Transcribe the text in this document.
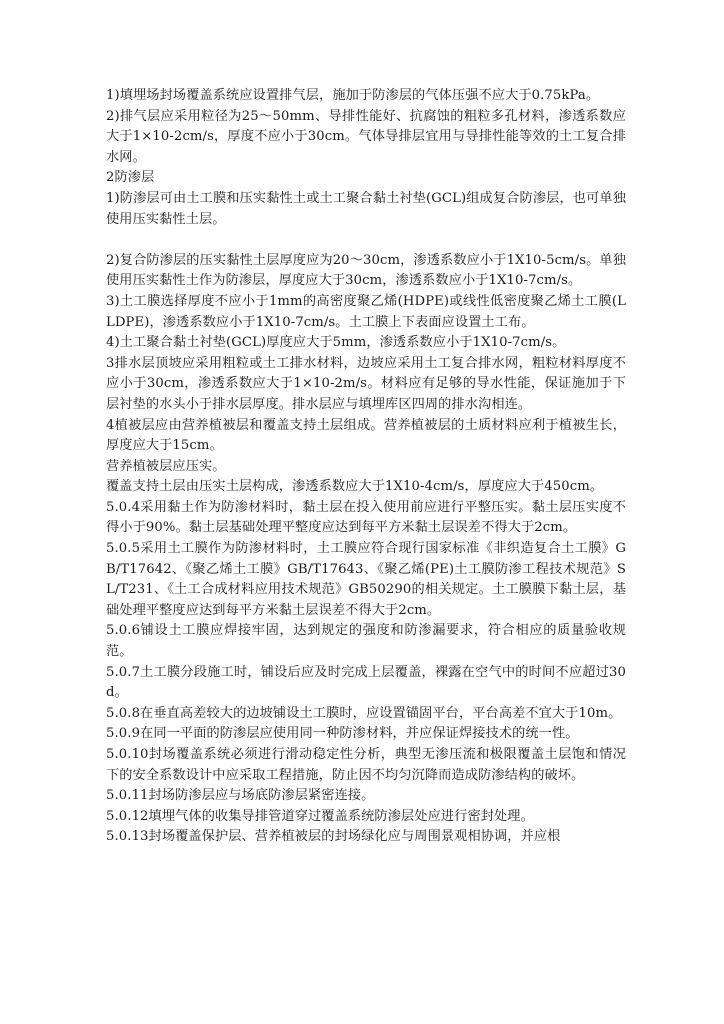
1)填埋场封场覆盖系统应设置排气层，施加于防渗层的气体压强不应大于0.75kPa。

2)排气层应采用粒径为25～50mm、导排性能好、抗腐蚀的粗粒多孔材料，渗透系数应大于1×10-2cm/s，厚度不应小于30cm。气体导排层宜用与导排性能等效的土工复合排水网。

2防渗层

1)防渗层可由土工膜和压实黏性土或土工聚合黏土衬垫(GCL)组成复合防渗层，也可单独使用压实黏性土层。

2)复合防渗层的压实黏性土层厚度应为20～30cm，渗透系数应小于1X10-5cm/s。单独使用压实黏性土作为防渗层，厚度应大于30cm，渗透系数应小于1X10-7cm/s。

3)土工膜选择厚度不应小于1mm的高密度聚乙烯(HDPE)或线性低密度聚乙烯土工膜(LLDPE)，渗透系数应小于1X10-7cm/s。土工膜上下表面应设置土工布。

4)土工聚合黏土衬垫(GCL)厚度应大于5mm，渗透系数应小于1X10-7cm/s。

3排水层顶坡应采用粗粒或土工排水材料，边坡应采用土工复合排水网，粗粒材料厚度不应小于30cm，渗透系数应大于1×10-2m/s。材料应有足够的导水性能，保证施加于下层衬垫的水头小于排水层厚度。排水层应与填埋库区四周的排水沟相连。

4植被层应由营养植被层和覆盖支持土层组成。营养植被层的土质材料应利于植被生长，厚度应大于15cm。

营养植被层应压实。

覆盖支持土层由压实土层构成，渗透系数应大于1X10-4cm/s，厚度应大于450cm。

5.0.4采用黏土作为防渗材料时，黏土层在投入使用前应进行平整压实。黏土层压实度不得小于90%。黏土层基础处理平整度应达到每平方米黏土层误差不得大于2cm。

5.0.5采用土工膜作为防渗材料时，土工膜应符合现行国家标准《非织造复合土工膜》GB/T17642、《聚乙烯土工膜》GB/T17643、《聚乙烯(PE)土工膜防渗工程技术规范》SL/T231、《土工合成材料应用技术规范》GB50290的相关规定。土工膜膜下黏土层，基础处理平整度应达到每平方米黏土层误差不得大于2cm。

5.0.6铺设土工膜应焊接牢固，达到规定的强度和防渗漏要求，符合相应的质量验收规范。

5.0.7土工膜分段施工时，铺设后应及时完成上层覆盖，裸露在空气中的时间不应超过30d。

5.0.8在垂直高差较大的边坡铺设土工膜时，应设置锚固平台，平台高差不宜大于10m。

5.0.9在同一平面的防渗层应使用同一种防渗材料，并应保证焊接技术的统一性。

5.0.10封场覆盖系统必须进行滑动稳定性分析，典型无渗压流和极限覆盖土层饱和情况下的安全系数设计中应采取工程措施，防止因不均匀沉降而造成防渗结构的破坏。

5.0.11封场防渗层应与场底防渗层紧密连接。

5.0.12填埋气体的收集导排管道穿过覆盖系统防渗层处应进行密封处理。

5.0.13封场覆盖保护层、营养植被层的封场绿化应与周围景观相协调，并应根
